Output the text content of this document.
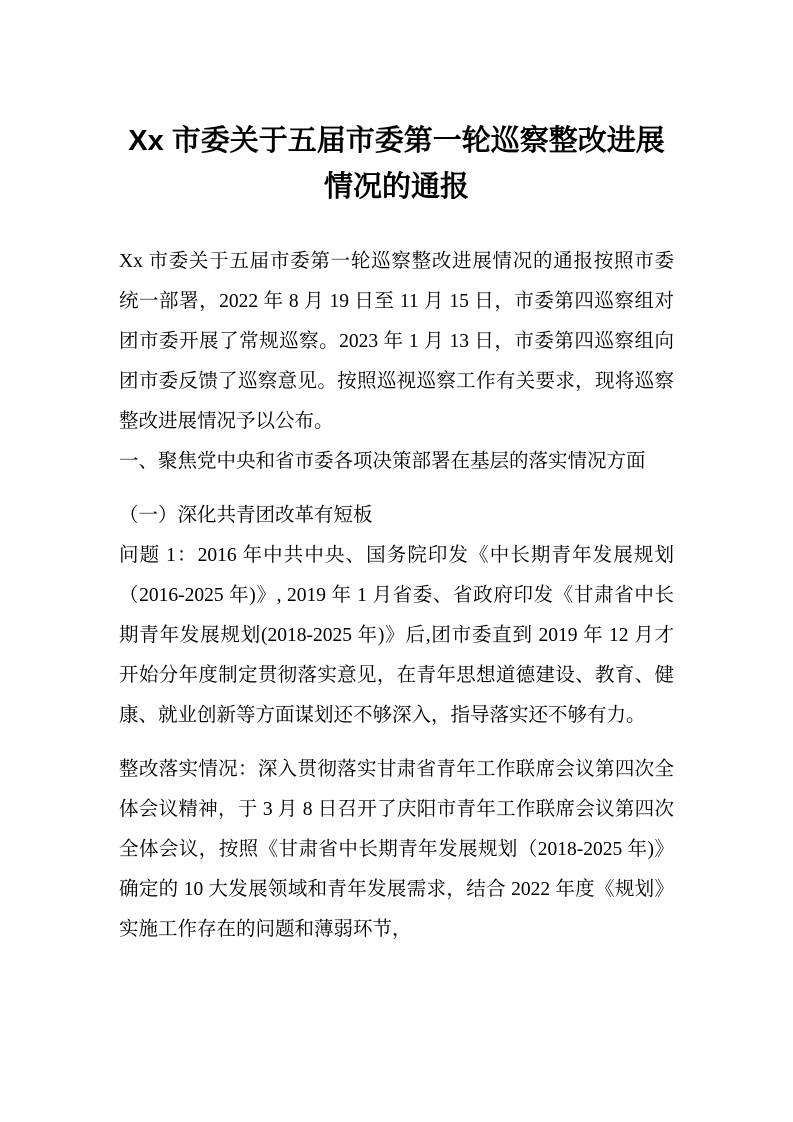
Xx 市委关于五届市委第一轮巡察整改进展情况的通报

Xx 市委关于五届市委第一轮巡察整改进展情况的通报按照市委统一部署，2022 年 8 月 19 日至 11 月 15 日，市委第四巡察组对团市委开展了常规巡察。2023 年 1 月 13 日，市委第四巡察组向团市委反馈了巡察意见。按照巡视巡察工作有关要求，现将巡察整改进展情况予以公布。

一、聚焦党中央和省市委各项决策部署在基层的落实情况方面

（一）深化共青团改革有短板

问题 1：2016 年中共中央、国务院印发《中长期青年发展规划（2016-2025 年)》, 2019 年 1 月省委、省政府印发《甘肃省中长期青年发展规划(2018-2025 年)》后,团市委直到 2019 年 12 月才开始分年度制定贯彻落实意见，在青年思想道德建设、教育、健康、就业创新等方面谋划还不够深入，指导落实还不够有力。

整改落实情况：深入贯彻落实甘肃省青年工作联席会议第四次全体会议精神，于 3 月 8 日召开了庆阳市青年工作联席会议第四次全体会议，按照《甘肃省中长期青年发展规划（2018-2025 年)》确定的 10 大发展领域和青年发展需求，结合 2022 年度《规划》实施工作存在的问题和薄弱环节，
